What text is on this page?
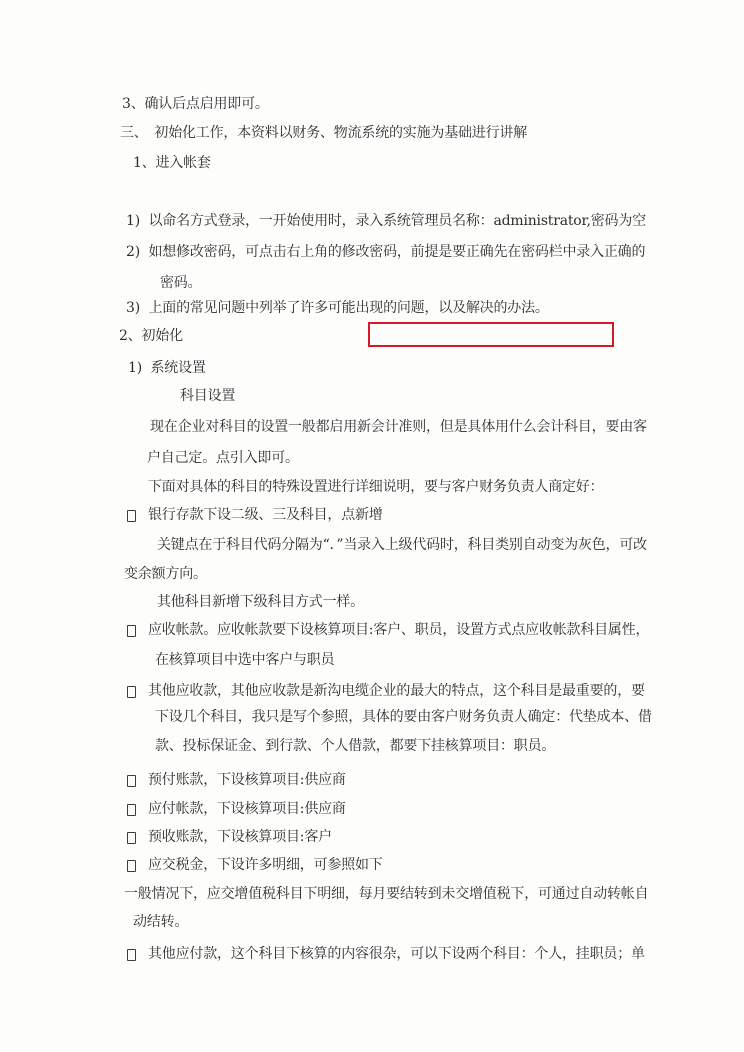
3、确认后点启用即可。
三、　初始化工作，本资料以财务、物流系统的实施为基础进行讲解
1、进入帐套
1)  以命名方式登录，一开始使用时，录入系统管理员名称：administrator,密码为空
2)  如想修改密码，可点击右上角的修改密码，前提是要正确先在密码栏中录入正确的
密码。
3)  上面的常见问题中列举了许多可能出现的问题，以及解决的办法。
2、初始化
1)  系统设置
科目设置
现在企业对科目的设置一般都启用新会计准则，但是具体用什么会计科目，要由客
户自己定。点引入即可。
下面对具体的科目的特殊设置进行详细说明，要与客户财务负责人商定好：
银行存款下设二级、三及科目，点新增
关键点在于科目代码分隔为“．”当录入上级代码时，科目类别自动变为灰色，可改
变余额方向。
其他科目新增下级科目方式一样。
应收帐款。应收帐款要下设核算项目:客户、职员，设置方式点应收帐款科目属性，
在核算项目中选中客户与职员
其他应收款，其他应收款是新沟电缆企业的最大的特点，这个科目是最重要的，要
下设几个科目，我只是写个参照，具体的要由客户财务负责人确定：代垫成本、借
款、投标保证金、到行款、个人借款，都要下挂核算项目：职员。
预付账款，下设核算项目:供应商
应付帐款，下设核算项目:供应商
预收账款，下设核算项目:客户
应交税金，下设许多明细，可参照如下
一般情况下，应交增值税科目下明细，每月要结转到未交增值税下，可通过自动转帐自
动结转。
其他应付款，这个科目下核算的内容很杂，可以下设两个科目：个人，挂职员；单
